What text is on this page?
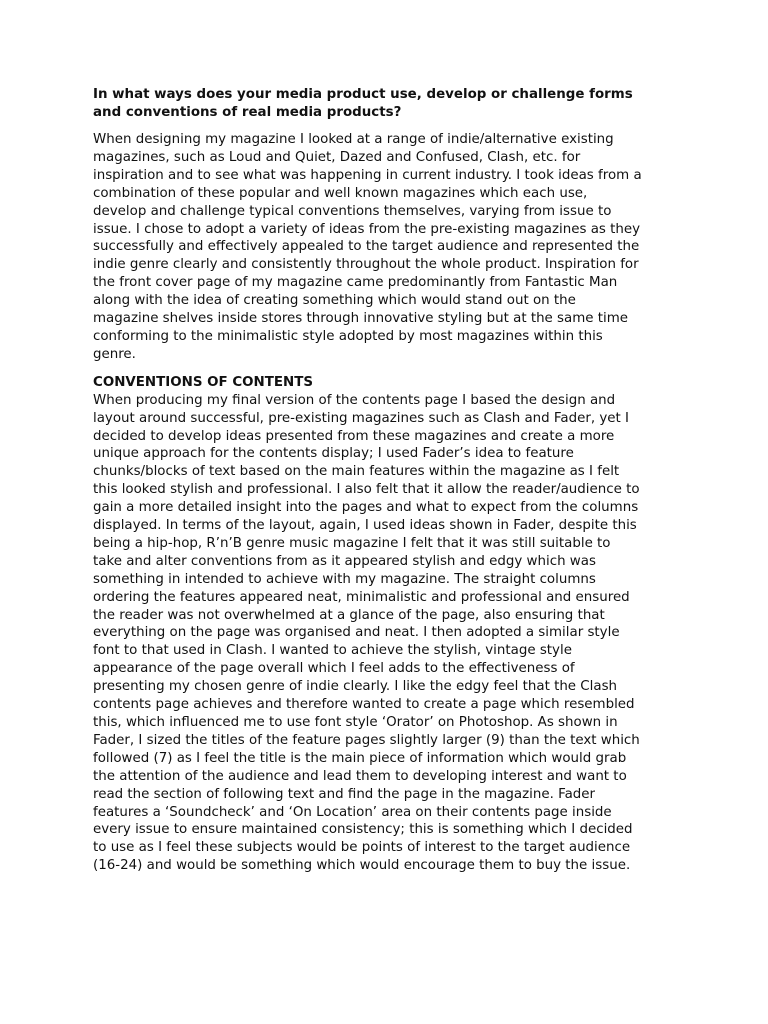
In what ways does your media product use, develop or challenge forms
and conventions of real media products?
When designing my magazine I looked at a range of indie/alternative existing
magazines, such as Loud and Quiet, Dazed and Confused, Clash, etc. for
inspiration and to see what was happening in current industry. I took ideas from a
combination of these popular and well known magazines which each use,
develop and challenge typical conventions themselves, varying from issue to
issue. I chose to adopt a variety of ideas from the pre-existing magazines as they
successfully and effectively appealed to the target audience and represented the
indie genre clearly and consistently throughout the whole product. Inspiration for
the front cover page of my magazine came predominantly from Fantastic Man
along with the idea of creating something which would stand out on the
magazine shelves inside stores through innovative styling but at the same time
conforming to the minimalistic style adopted by most magazines within this
genre.
CONVENTIONS OF CONTENTS
When producing my final version of the contents page I based the design and
layout around successful, pre-existing magazines such as Clash and Fader, yet I
decided to develop ideas presented from these magazines and create a more
unique approach for the contents display; I used Fader’s idea to feature
chunks/blocks of text based on the main features within the magazine as I felt
this looked stylish and professional. I also felt that it allow the reader/audience to
gain a more detailed insight into the pages and what to expect from the columns
displayed. In terms of the layout, again, I used ideas shown in Fader, despite this
being a hip-hop, R’n’B genre music magazine I felt that it was still suitable to
take and alter conventions from as it appeared stylish and edgy which was
something in intended to achieve with my magazine. The straight columns
ordering the features appeared neat, minimalistic and professional and ensured
the reader was not overwhelmed at a glance of the page, also ensuring that
everything on the page was organised and neat. I then adopted a similar style
font to that used in Clash. I wanted to achieve the stylish, vintage style
appearance of the page overall which I feel adds to the effectiveness of
presenting my chosen genre of indie clearly. I like the edgy feel that the Clash
contents page achieves and therefore wanted to create a page which resembled
this, which influenced me to use font style ‘Orator’ on Photoshop. As shown in
Fader, I sized the titles of the feature pages slightly larger (9) than the text which
followed (7) as I feel the title is the main piece of information which would grab
the attention of the audience and lead them to developing interest and want to
read the section of following text and find the page in the magazine. Fader
features a ‘Soundcheck’ and ‘On Location’ area on their contents page inside
every issue to ensure maintained consistency; this is something which I decided
to use as I feel these subjects would be points of interest to the target audience
(16-24) and would be something which would encourage them to buy the issue.
